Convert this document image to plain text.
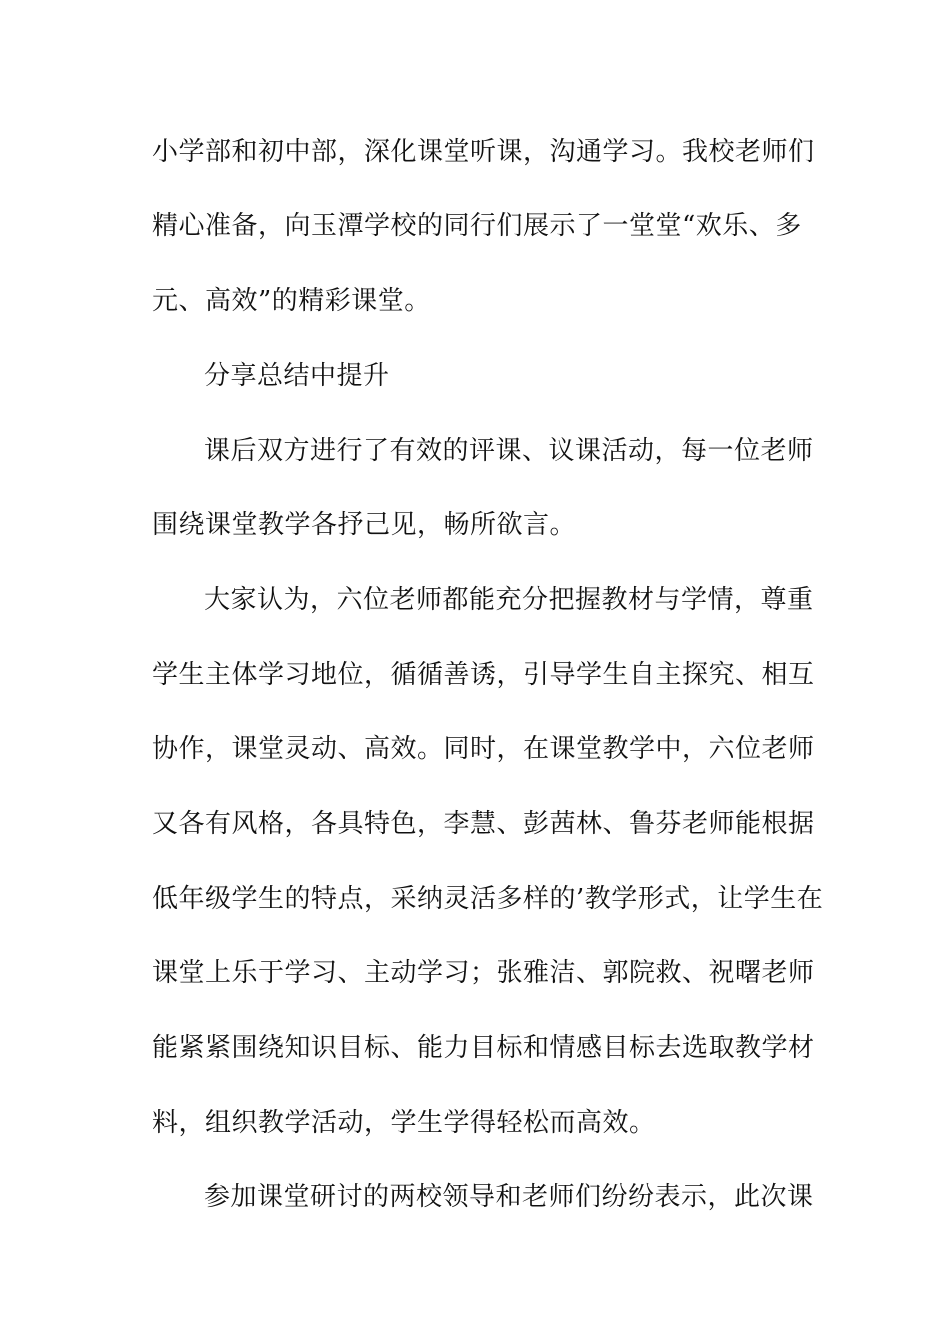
小学部和初中部，深化课堂听课，沟通学习。我校老师们
精心准备，向玉潭学校的同行们展示了一堂堂“欢乐、多
元、高效”的精彩课堂。
分享总结中提升
课后双方进行了有效的评课、议课活动，每一位老师
围绕课堂教学各抒己见，畅所欲言。
大家认为，六位老师都能充分把握教材与学情，尊重
学生主体学习地位，循循善诱，引导学生自主探究、相互
协作，课堂灵动、高效。同时，在课堂教学中，六位老师
又各有风格，各具特色，李慧、彭茜林、鲁芬老师能根据
低年级学生的特点，采纳灵活多样的’教学形式，让学生在
课堂上乐于学习、主动学习；张雅洁、郭院救、祝曙老师
能紧紧围绕知识目标、能力目标和情感目标去选取教学材
料，组织教学活动，学生学得轻松而高效。
参加课堂研讨的两校领导和老师们纷纷表示，此次课
